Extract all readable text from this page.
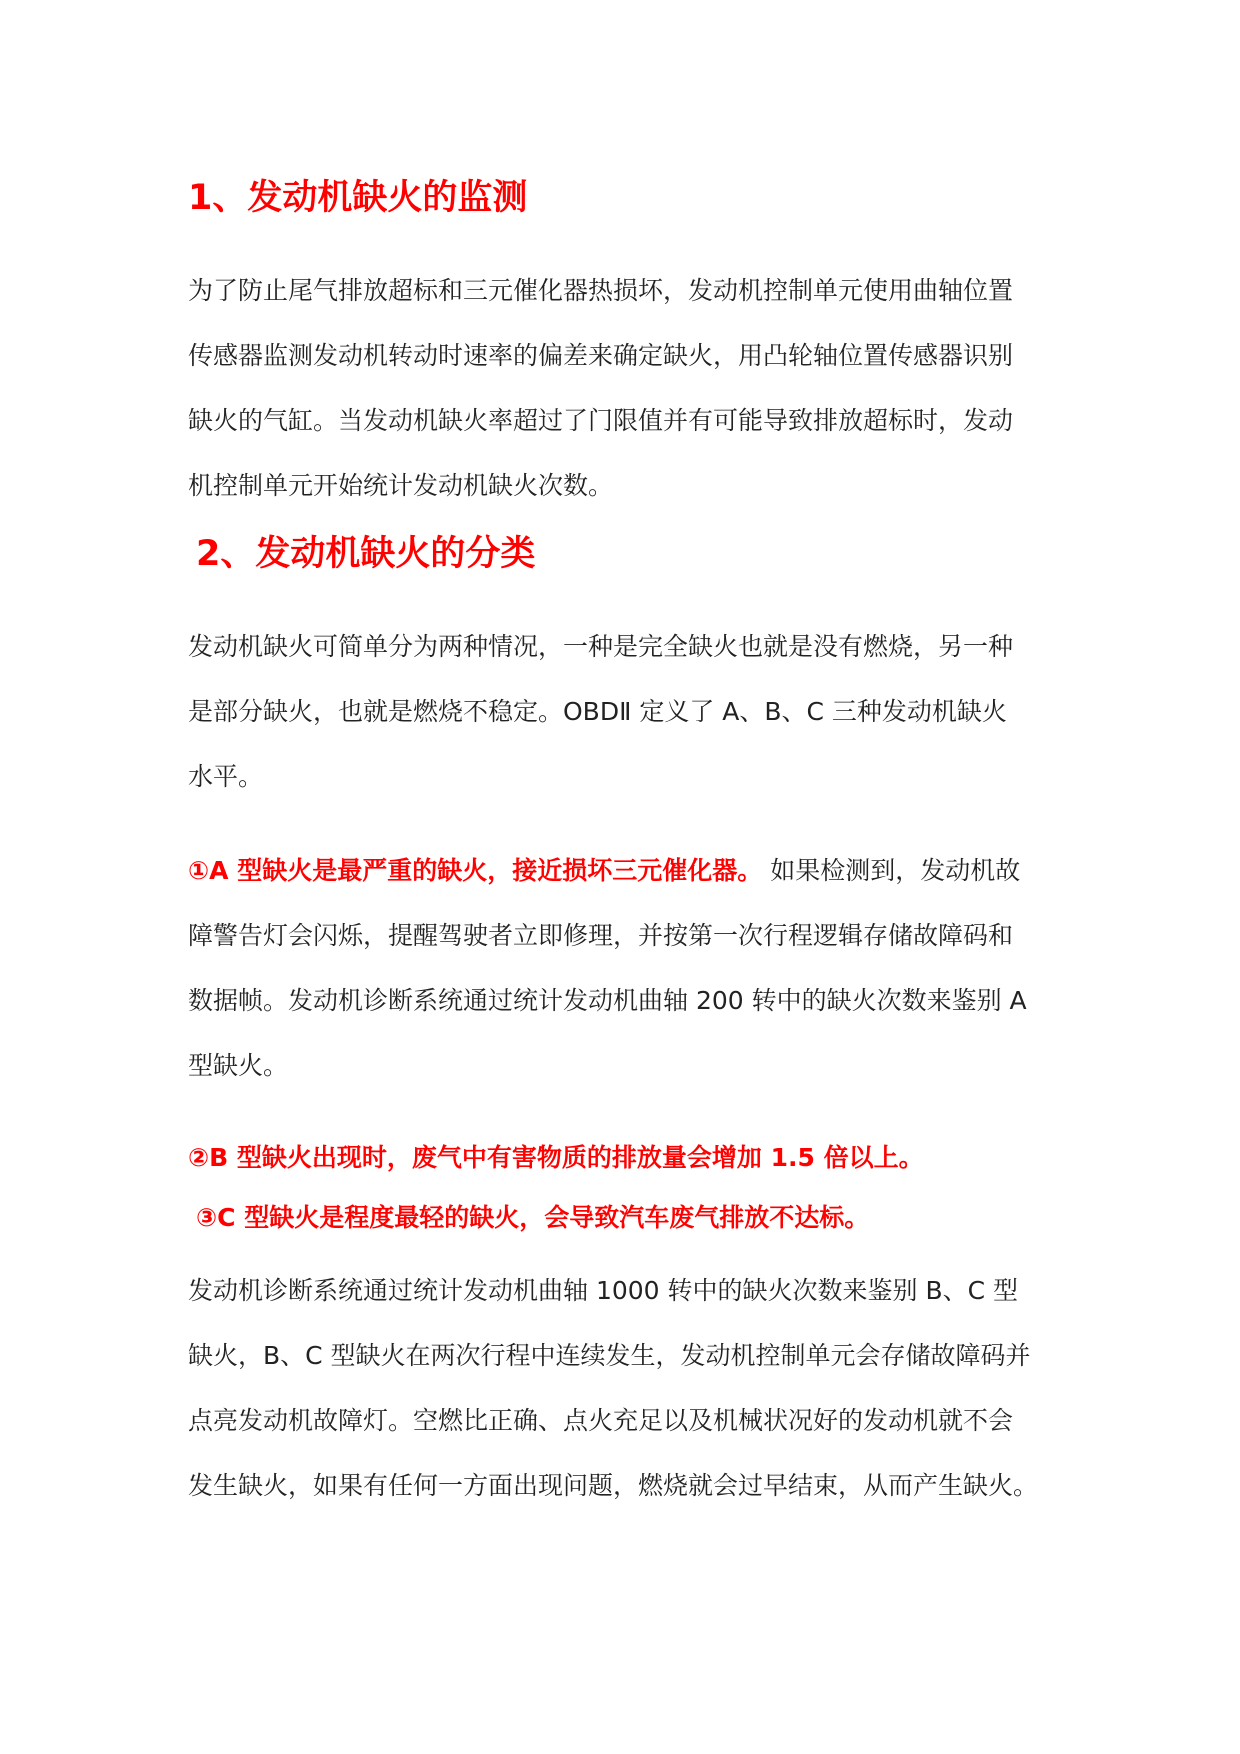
1、发动机缺火的监测
为了防止尾气排放超标和三元催化器热损坏，发动机控制单元使用曲轴位置
传感器监测发动机转动时速率的偏差来确定缺火，用凸轮轴位置传感器识别
缺火的气缸。当发动机缺火率超过了门限值并有可能导致排放超标时，发动
机控制单元开始统计发动机缺火次数。
2、发动机缺火的分类
发动机缺火可简单分为两种情况，一种是完全缺火也就是没有燃烧，另一种
是部分缺火，也就是燃烧不稳定。OBDⅡ 定义了 A、B、C 三种发动机缺火
水平。
①A 型缺火是最严重的缺火，接近损坏三元催化器。 如果检测到，发动机故
障警告灯会闪烁，提醒驾驶者立即修理，并按第一次行程逻辑存储故障码和
数据帧。发动机诊断系统通过统计发动机曲轴 200 转中的缺火次数来鉴别 A
型缺火。

②B 型缺火出现时，废气中有害物质的排放量会增加 1.5 倍以上。

③C 型缺火是程度最轻的缺火，会导致汽车废气排放不达标。

发动机诊断系统通过统计发动机曲轴 1000 转中的缺火次数来鉴别 B、C 型
缺火，B、C 型缺火在两次行程中连续发生，发动机控制单元会存储故障码并
点亮发动机故障灯。空燃比正确、点火充足以及机械状况好的发动机就不会
发生缺火，如果有任何一方面出现问题，燃烧就会过早结束，从而产生缺火。
